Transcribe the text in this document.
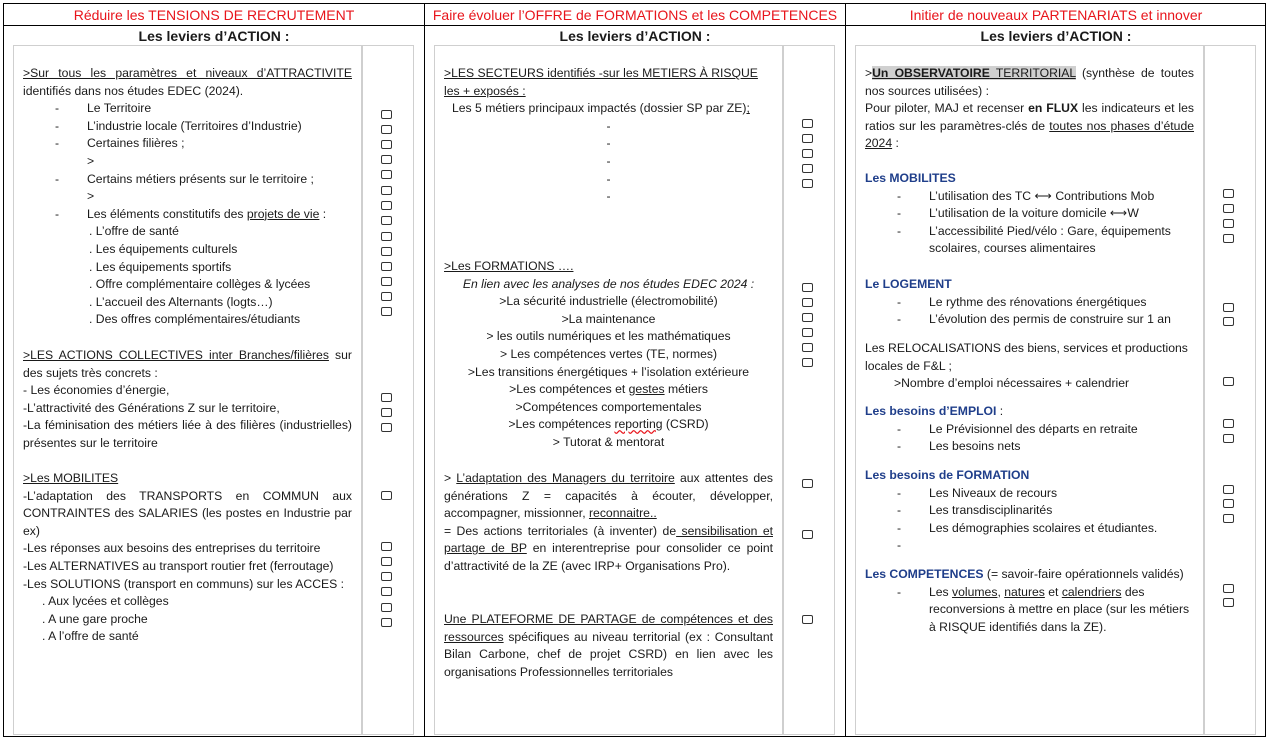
Réduire les TENSIONS DE RECRUTEMENT	Faire évoluer l’OFFRE de FORMATIONS et les COMPETENCES	Initier de nouveaux PARTENARIATS et innover
Les leviers d’ACTION :	Les leviers d’ACTION :	Les leviers d’ACTION :

>Sur tous les paramètres et niveaux d’ATTRACTIVITE identifiés dans nos études EDEC (2024).

- Le Territoire

- L’industrie locale (Territoires d’Industrie)

- Certaines filières ;

>

- Certains métiers présents sur le territoire ;

>

- Les éléments constitutifs des projets de vie :

. L’offre de santé

. Les équipements culturels

. Les équipements sportifs

. Offre complémentaire collèges & lycées

. L’accueil des Alternants (logts…)

. Des offres complémentaires/étudiants

>LES ACTIONS COLLECTIVES inter Branches/filières sur des sujets très concrets :

- Les économies d’énergie,

-L’attractivité des Générations Z sur le territoire,

-La féminisation des métiers liée à des filières (industrielles) présentes sur le territoire

>Les MOBILITES

-L’adaptation des TRANSPORTS en COMMUN aux CONTRAINTES des SALARIES (les postes en Industrie par ex)

-Les réponses aux besoins des entreprises du territoire

-Les ALTERNATIVES au transport routier fret (ferroutage)

-Les SOLUTIONS (transport en communs) sur les ACCES :

. Aux lycées et collèges

. A une gare proche

. A l’offre de santé

>LES SECTEURS identifiés -sur les METIERS À RISQUE les + exposés :

Les 5 métiers principaux impactés (dossier SP par ZE);

-

-

-

-

-

>Les FORMATIONS ….

En lien avec les analyses de nos études EDEC 2024 :

>La sécurité industrielle (électromobilité)

>La maintenance

> les outils numériques et les mathématiques

> Les compétences vertes (TE, normes)

>Les transitions énergétiques + l’isolation extérieure

>Les compétences et gestes métiers

>Compétences comportementales

>Les compétences reporting (CSRD)

> Tutorat & mentorat

> L’adaptation des Managers du territoire aux attentes des générations Z = capacités à écouter, développer, accompagner, missionner, reconnaitre..

= Des actions territoriales (à inventer) de sensibilisation et partage de BP en interentreprise pour consolider ce point d’attractivité de la ZE (avec IRP+ Organisations Pro).

Une PLATEFORME DE PARTAGE de compétences et des ressources spécifiques au niveau territorial (ex : Consultant Bilan Carbone, chef de projet CSRD) en lien avec les organisations Professionnelles territoriales

>Un OBSERVATOIRE TERRITORIAL (synthèse de toutes nos sources utilisées) :

Pour piloter, MAJ et recenser en FLUX les indicateurs et les ratios sur les paramètres-clés de toutes nos phases d’étude 2024 :

Les MOBILITES

- L’utilisation des TC ⟷ Contributions Mob

- L’utilisation de la voiture domicile ⟷W

- L’accessibilité Pied/vélo : Gare, équipements scolaires, courses alimentaires

Le LOGEMENT

- Le rythme des rénovations énergétiques

- L’évolution des permis de construire sur 1 an

Les RELOCALISATIONS des biens, services et productions locales de F&L ;

>Nombre d’emploi nécessaires + calendrier

Les besoins d’EMPLOI :

- Le Prévisionnel des départs en retraite

- Les besoins nets

Les besoins de FORMATION

- Les Niveaux de recours

- Les transdisciplinarités

- Les démographies scolaires et étudiantes.

-

Les COMPETENCES (= savoir-faire opérationnels validés)

- Les volumes, natures et calendriers des reconversions à mettre en place (sur les métiers à RISQUE identifiés dans la ZE).
